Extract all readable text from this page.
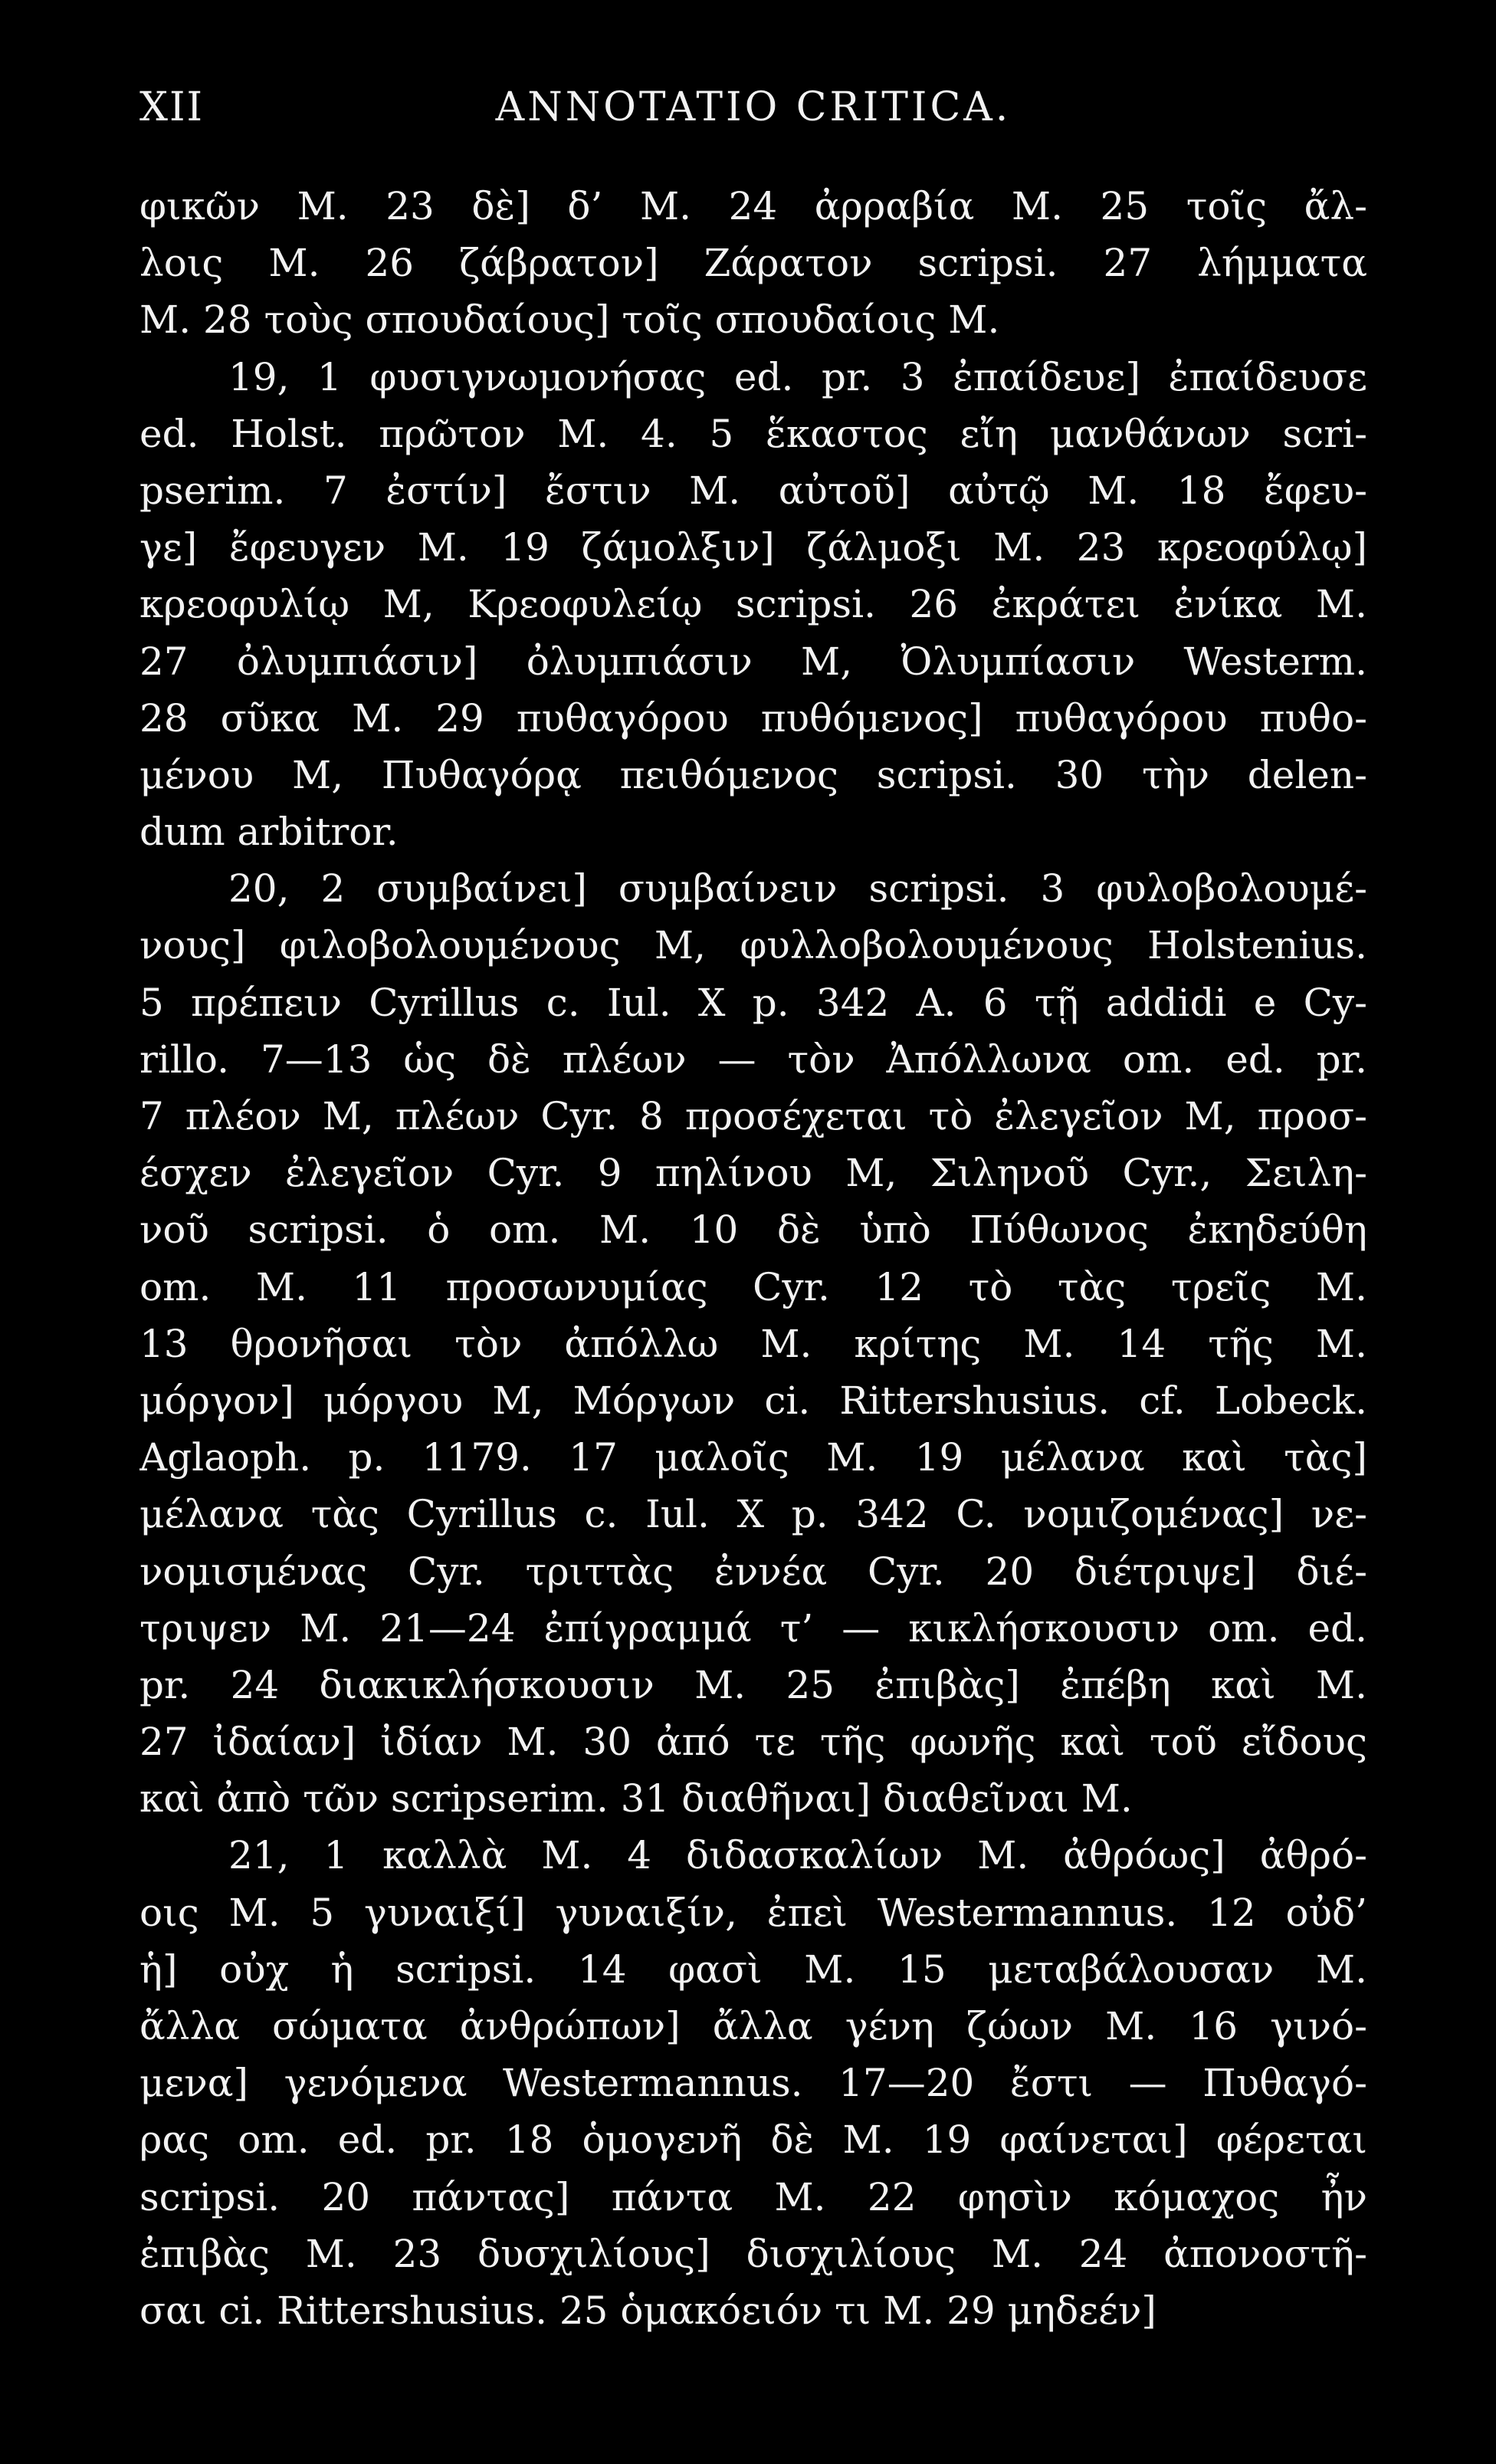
XII	ANNOTATIO CRITICA.
φικῶν M. 23 δὲ] δ’ M. 24 ἀρραβία M. 25 τοῖς ἄλ-
λοις M. 26 ζάβρατον] Ζάρατον scripsi. 27 λήμματα
M. 28 τοὺς σπουδαίους] τοῖς σπουδαίοις M.
19, 1 φυσιγνωμονήσας ed. pr. 3 ἐπαίδευε] ἐπαίδευσε
ed. Holst. πρῶτον M. 4. 5 ἕκαστος εἴη μανθάνων scri-
pserim. 7 ἐστίν] ἔστιν M. αὐτοῦ] αὐτῷ M. 18 ἔφευ-
γε] ἔφευγεν M. 19 ζάμολξιν] ζάλμοξι M. 23 κρεοφύλῳ]
κρεοφυλίῳ M, Κρεοφυλείῳ scripsi. 26 ἐκράτει ἐνίκα M.
27 ὀλυμπιάσιν] ὀλυμπιάσιν M, Ὀλυμπίασιν Westerm.
28 σῦκα M. 29 πυθαγόρου πυθόμενος] πυθαγόρου πυθο-
μένου M, Πυθαγόρᾳ πειθόμενος scripsi. 30 τὴν delen-
dum arbitror.
20, 2 συμβαίνει] συμβαίνειν scripsi. 3 φυλοβολουμέ-
νους] φιλοβολουμένους M, φυλλοβολουμένους Holstenius.
5 πρέπειν Cyrillus c. Iul. X p. 342 A. 6 τῇ addidi e Cy-
rillo. 7—13 ὡς δὲ πλέων — τὸν Ἀπόλλωνα om. ed. pr.
7 πλέον M, πλέων Cyr. 8 προσέχεται τὸ ἐλεγεῖον M, προσ-
έσχεν ἐλεγεῖον Cyr. 9 πηλίνου M, Σιληνοῦ Cyr., Σειλη-
νοῦ scripsi. ὁ om. M. 10 δὲ ὑπὸ Πύθωνος ἐκηδεύθη
om. M. 11 προσωνυμίας Cyr. 12 τὸ τὰς τρεῖς M.
13 θρονῆσαι τὸν ἀπόλλω M. κρίτης M. 14 τῆς M.
μόργον] μόργου M, Μόργων ci. Rittershusius. cf. Lobeck.
Aglaoph. p. 1179. 17 μαλοῖς M. 19 μέλανα καὶ τὰς]
μέλανα τὰς Cyrillus c. Iul. X p. 342 C. νομιζομένας] νε-
νομισμένας Cyr. τριττὰς ἐννέα Cyr. 20 διέτριψε] διέ-
τριψεν M. 21—24 ἐπίγραμμά τ’ — κικλήσκουσιν om. ed.
pr. 24 διακικλήσκουσιν M. 25 ἐπιβὰς] ἐπέβη καὶ M.
27 ἰδαίαν] ἰδίαν M. 30 ἀπό τε τῆς φωνῆς καὶ τοῦ εἴδους
καὶ ἀπὸ τῶν scripserim. 31 διαθῆναι] διαθεῖναι M.
21, 1 καλλὰ M. 4 διδασκαλίων M. ἀθρόως] ἀθρό-
οις M. 5 γυναιξί] γυναιξίν, ἐπεὶ Westermannus. 12 οὐδ’
ἡ] οὐχ ἡ scripsi. 14 φασὶ M. 15 μεταβάλουσαν M.
ἄλλα σώματα ἀνθρώπων] ἄλλα γένη ζώων M. 16 γινό-
μενα] γενόμενα Westermannus. 17—20 ἔστι — Πυθαγό-
ρας om. ed. pr. 18 ὁμογενῆ δὲ M. 19 φαίνεται] φέρεται
scripsi. 20 πάντας] πάντα M. 22 φησὶν κόμαχος ἦν
ἐπιβὰς M. 23 δυσχιλίους] δισχιλίους M. 24 ἀπονοστῆ-
σαι ci. Rittershusius. 25 ὁμακόειόν τι M. 29 μηδεέν]
